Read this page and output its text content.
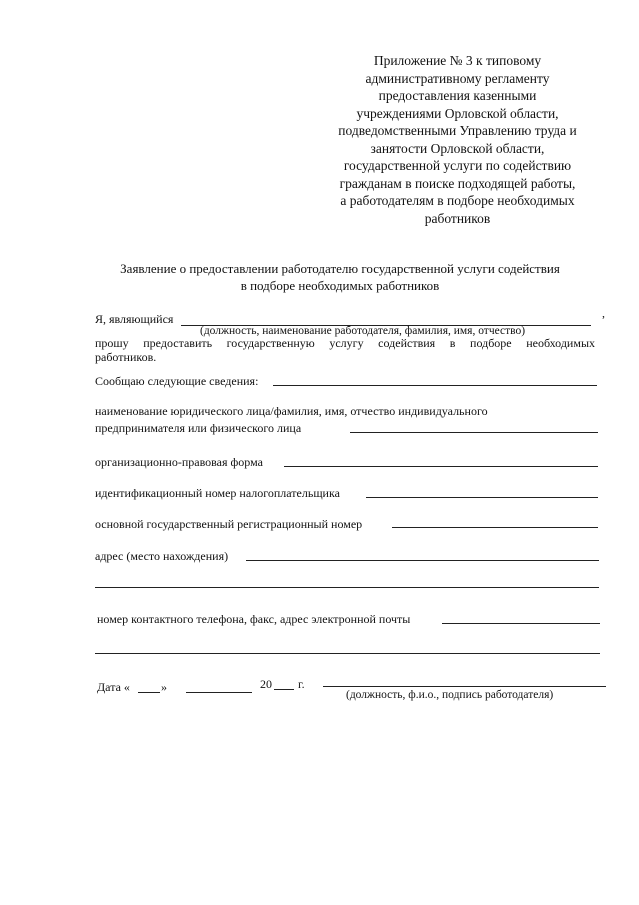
Приложение № 3 к типовому
административному регламенту
предоставления казенными
учреждениями Орловской области,
подведомственными Управлению труда и
занятости Орловской области,
государственной услуги по содействию
гражданам в поиске подходящей работы,
а работодателям в подборе необходимых
работников
Заявление о предоставлении работодателю государственной услуги содействия
в подборе необходимых работников
Я, являющийся	,
(должность, наименование работодателя, фамилия, имя, отчество)
прошу предоставить государственную услугу содействия в подборе необходимых
работников.
Сообщаю следующие сведения:
наименование юридического лица/фамилия, имя, отчество индивидуального
предпринимателя или физического лица
организационно-правовая форма
идентификационный номер налогоплательщика
основной государственный регистрационный номер
адрес (место нахождения)
номер контактного телефона, факс, адрес электронной почты
Дата «	»	20 г.
(должность, ф.и.о., подпись работодателя)
